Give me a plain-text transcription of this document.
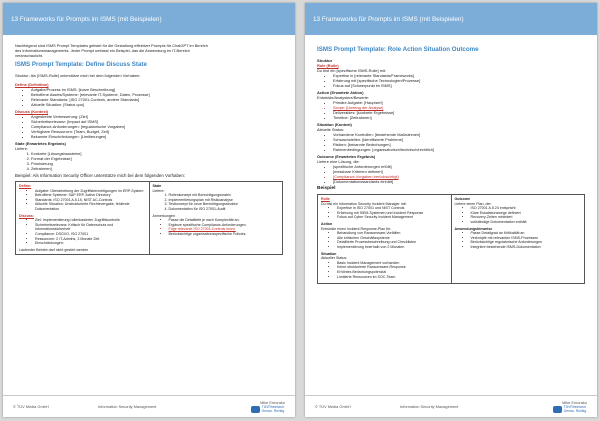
13 Frameworks für Prompts im ISMS (mit Beispielen)

Nachfolgend sind ISMS Prompt Templates gelistet für die Gestaltung effektiver Prompts für ChatGPT im Bereich

des Informationsmanagements. Jeder Prompt umfasst ein Beispiel, das die Anwendung im IT-Bereich

veranschaulicht.

ISMS Prompt Template: Define Discuss State

Struktur: Als [ISMS-Rolle] unterstütze mich bei dem folgenden Vorhaben:

Define (Definition)

• Aufgabe/Prozess im ISMS: [kurze Beschreibung]
• Betroffene Assets/Systeme: [relevante IT-Systeme, Daten, Prozesse]
• Relevante Standards: [ISO 27001-Controls, andere Standards]
• Aktuelle Situation: [Status quo]

Discuss (Kontext)

• Angestrebte Verbesserung: [Ziel]
• Sicherheitsrelevanz: [Impact auf ISMS]
• Compliance-Anforderungen: [regulatorische Vorgaben]
• Verfügbare Ressourcen: [Team, Budget, Zeit]
• Bekannte Einschränkungen: [Limitierungen]

State (Erwartetes Ergebnis)

Liefere:

1. Konkrete [Lösungsbausteine]
2. Format der Ergebnisse]
3. Priorisierung
4. Zeitrahmen]

Beispiel: Als Information Security Officer unterstütze mich bei dem folgenden Vorhaben:

Define:

• Aufgabe: Überarbeitung der Zugriffsberechtigungen im ERP-System
• Betroffene Systeme: SAP ERP, Active Directory
• Standards: ISO 27001 A.5.15, NIST AC-Controls
• Aktuelle Situation: Unstrukturierte Rechtevergabe, fehlende Dokumentation

Discuss:

• Ziel: Implementierung rollenbasierter Zugriffskontrolle
• Sicherheitsrelevanz: Kritisch für Datenschutz und Informationssicherheit
• Compliance: DSGVO, ISO 27001
• Ressourcen: 2 IT-Admins, 3 Monate Zeit
• Einschränkungen:

Laufender Betrieb darf nicht gestört werden

State

Liefere:

1. Rollenkonzept mit Berechtigungsmatrix
2. Implementierungsplan mit Risikoanalyse
3. Testkonzept für neue Berechtigungsstruktur
4. Dokumentation für ISO 27001-Audit

Anmerkungen

• Passe die Detailtiefe je nach Komplexität an.
• Ergänze spezifische Compliance-Anforderungen.
• Füge relevante ISO 27001-Controls hinzu.
• Berücksichtige organisationsspezifische Policies.
© TÜV Media GmbH	Information Security Management
Mike Emorako
TÜVRheinland
Genau. Richtig.
13 Frameworks für Prompts im ISMS (mit Beispielen)
ISMS Prompt Template: Role Action Situation Outcome

Struktur

Role (Rolle)

Du bist ein [spezifische ISMS-Rolle] mit:

• Expertise in [relevante Standards/Frameworks]
• Erfahrung mit [spezifische Technologien/Prozesse]
• Fokus auf [Schwerpunkt im ISMS]

Action (Erwartete Aktion)

Entwickle/Analysiere/Bewerte:

• Primäre Aufgabe: [Hauptziel]
• Scope: [Umfang der Analyse]
• Deliverables: [konkrete Ergebnisse]
• Timeline: [Zeitrahmen]

Situation (Kontext)

Aktuelle Status:

• Vorhandene Kontrollen: [bestehende Maßnahmen]
• Schwachstellen: [identifizierte Probleme]
• Risiken: [bekannte Bedrohungen]
• Rahmenbedingungen: [organisatorisch/technisch/rechtlich]

Outcome (Erwartetes Ergebnis)

Liefere eine Lösung, die:

• [spezifische Anforderungen erfüllt]
• [messbare Kriterien definiert]
• [Compliance-Vorgaben berücksichtigt]
• [Dokumentationsstandards einhält]

Beispiel

Rolle

Du bist ein Information Security Incident Manager mit:

• Expertise in ISO 27001 und NIST Controls
• Erfahrung mit SIEM-Systemen und Incident Response
• Fokus auf Cyber Security Incident Management

Action

Entwickle einen Incident Response-Plan für:

• Behandlung von Ransomware-Vorfällen
• Alle kritischen Geschäftssysteme
• Detaillierte Prozessbeschreibung und Checklisten
• Implementierung innerhalb von 2 Monaten

Situation

Aktueller Status:

• Basic Incident Management vorhanden
• Keine strukturierte Ransomware-Response
• Erhöhtes Bedrohungspotenzial
• Limitierte Ressourcen im SOC-Team

Outcome

Liefere einen Plan, der:

• ISO 27001 A.5.24 entspricht
• Klare Eskalationswege definiert
• Recovery-Zeiten minimiert
• vollständige Dokumentation enthält

Anwendungshinweise

• Passe Detailgrad an Kritikalität an
• Verknüpfe mit relevanten ISMS-Prozessen
• Berücksichtige regulatorische Anforderungen
• Integriere bestehende ISMS-Dokumentation
© TÜV Media GmbH	Information Security Management
Mike Emorako
TÜVRheinland
Genau. Richtig.
